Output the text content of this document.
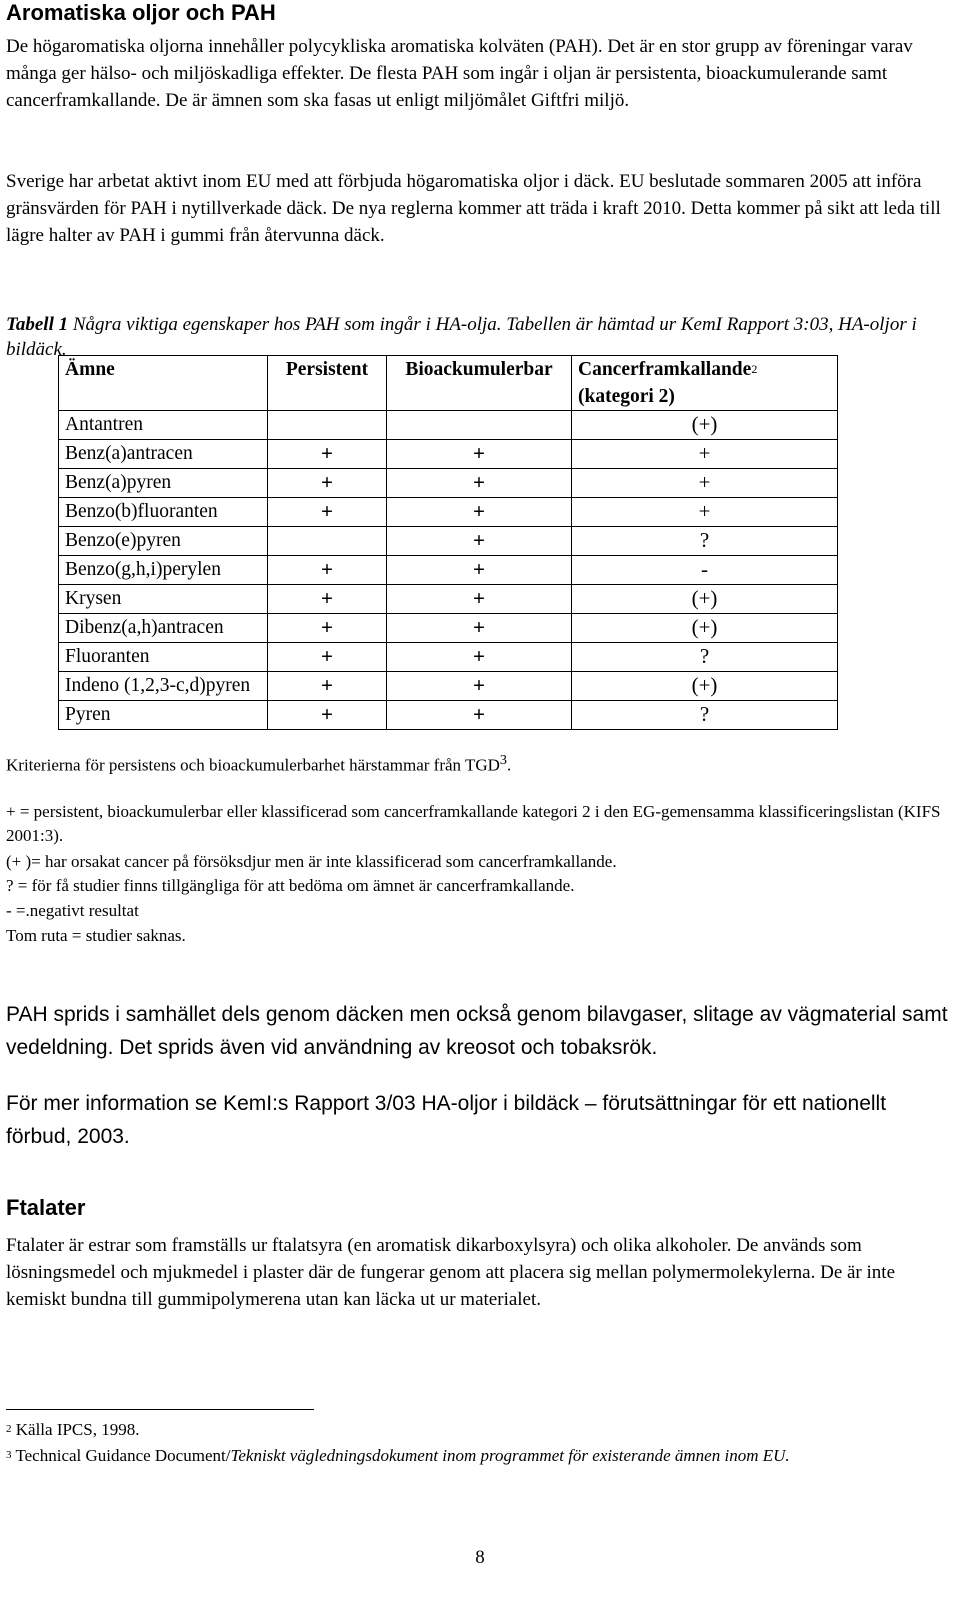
Aromatiska oljor och PAH

De högaromatiska oljorna innehåller polycykliska aromatiska kolväten (PAH). Det är en stor grupp av föreningar varav många ger hälso- och miljöskadliga effekter. De flesta PAH som ingår i oljan är persistenta, bioackumulerande samt cancerframkallande. De är ämnen som ska fasas ut enligt miljömålet Giftfri miljö.

Sverige har arbetat aktivt inom EU med att förbjuda högaromatiska oljor i däck. EU beslutade sommaren 2005 att införa gränsvärden för PAH i nytillverkade däck. De nya reglerna kommer att träda i kraft 2010. Detta kommer på sikt att leda till lägre halter av PAH i gummi från återvunna däck.

Tabell 1 Några viktiga egenskaper hos PAH som ingår i HA-olja. Tabellen är hämtad ur KemI Rapport 3:03, HA-oljor i bildäck.
Ämne	Persistent	Bioackumulerbar	Cancerframkallande$^2$
(kategori 2)
Antantren			(+)
Benz(a)antracen	+	+	+
Benz(a)pyren	+	+	+
Benzo(b)fluoranten	+	+	+
Benzo(e)pyren		+	?
Benzo(g,h,i)perylen	+	+	-
Krysen	+	+	(+)
Dibenz(a,h)antracen	+	+	(+)
Fluoranten	+	+	?
Indeno (1,2,3-c,d)pyren	+	+	(+)
Pyren	+	+	?
Kriterierna för persistens och bioackumulerbarhet härstammar från $TGD^3$.
+ = persistent, bioackumulerbar eller klassificerad som cancerframkallande kategori 2 i den EG-gemensamma klassificeringslistan (KIFS 2001:3).
(+ )= har orsakat cancer på försöksdjur men är inte klassificerad som cancerframkallande.
? = för få studier finns tillgängliga för att bedöma om ämnet är cancerframkallande.
- =.negativt resultat
Tom ruta = studier saknas.

PAH sprids i samhället dels genom däcken men också genom bilavgaser, slitage av vägmaterial samt vedeldning. Det sprids även vid användning av kreosot och tobaksrök.

För mer information se KemI:s Rapport 3/03 HA-oljor i bildäck – förutsättningar för ett nationellt förbud, 2003.

Ftalater

Ftalater är estrar som framställs ur ftalatsyra (en aromatisk dikarboxylsyra) och olika alkoholer. De används som lösningsmedel och mjukmedel i plaster där de fungerar genom att placera sig mellan polymermolekylerna. De är inte kemiskt bundna till gummipolymerena utan kan läcka ut ur materialet.

$^2$ Källa IPCS, 1998.
$^3$ Technical Guidance Document/Tekniskt vägledningsdokument inom programmet för existerande ämnen inom EU.
8
